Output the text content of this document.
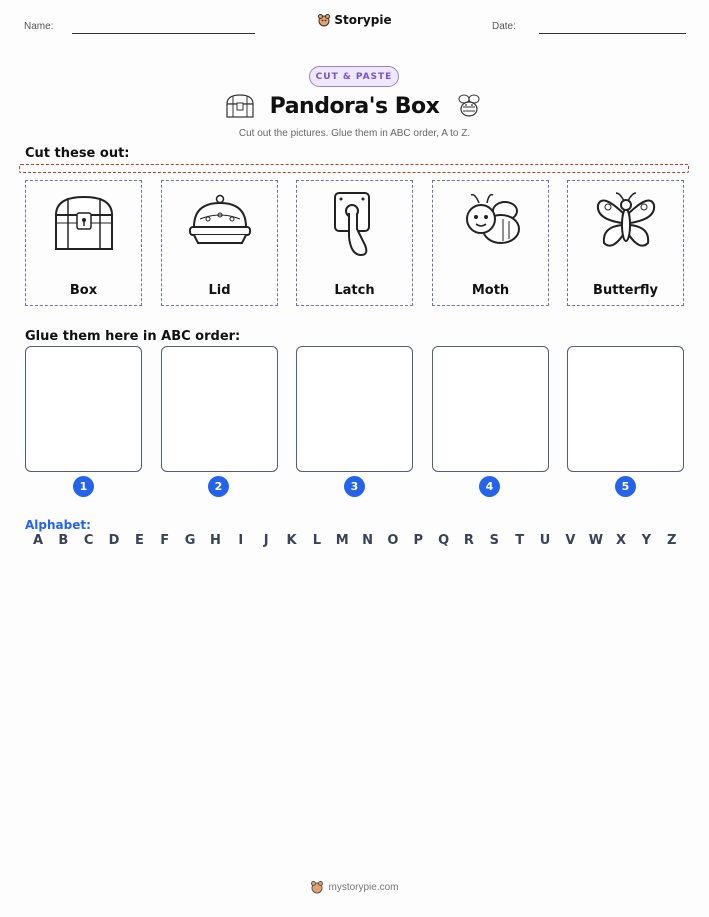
Name:	Storypie	Date:
CUT & PASTE
Pandora's Box
Cut out the pictures. Glue them in ABC order, A to Z.
Cut these out:
Box	Lid	Latch	Moth	Butterfly
Glue them here in ABC order:
1	2	3	4	5
Alphabet:
A B C D E F G H	I	J	K L M N O P Q R S T U V W X Y Z
mystorypie.com
